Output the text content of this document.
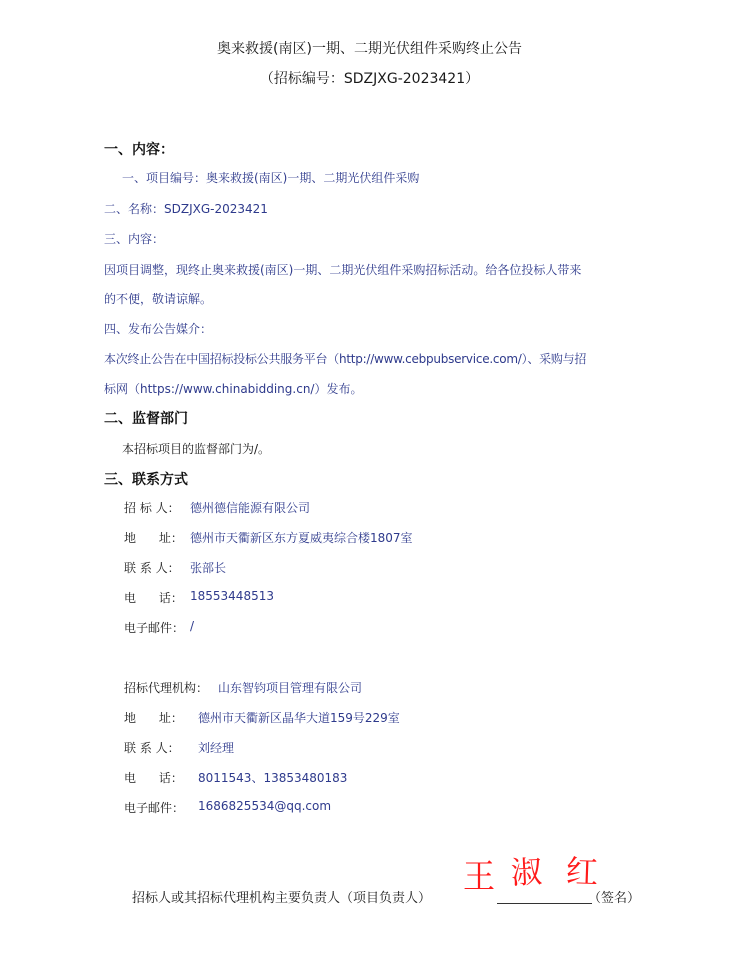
奥来救援(南区)一期、二期光伏组件采购终止公告
（招标编号：SDZJXG-2023421）
一、内容：
一、项目编号：奥来救援(南区)一期、二期光伏组件采购
二、名称：SDZJXG-2023421
三、内容：
因项目调整，现终止奥来救援(南区)一期、二期光伏组件采购招标活动。给各位投标人带来
的不便，敬请谅解。
四、发布公告媒介：
本次终止公告在中国招标投标公共服务平台（http://www.cebpubservice.com/）、采购与招
标网（https://www.chinabidding.cn/）发布。
二、监督部门
本招标项目的监督部门为/。
三、联系方式
招 标 人： 德州德信能源有限公司
地      址： 德州市天衢新区东方夏威夷综合楼1807室
联 系 人： 张部长
电      话： 18553448513
电子邮件： /
招标代理机构： 山东智钧项目管理有限公司
地      址： 德州市天衢新区晶华大道159号229室
联 系 人： 刘经理
电      话： 8011543、13853480183
电子邮件： 1686825534@qq.com
招标人或其招标代理机构主要负责人（项目负责人）	（签名）
王 淑 红
